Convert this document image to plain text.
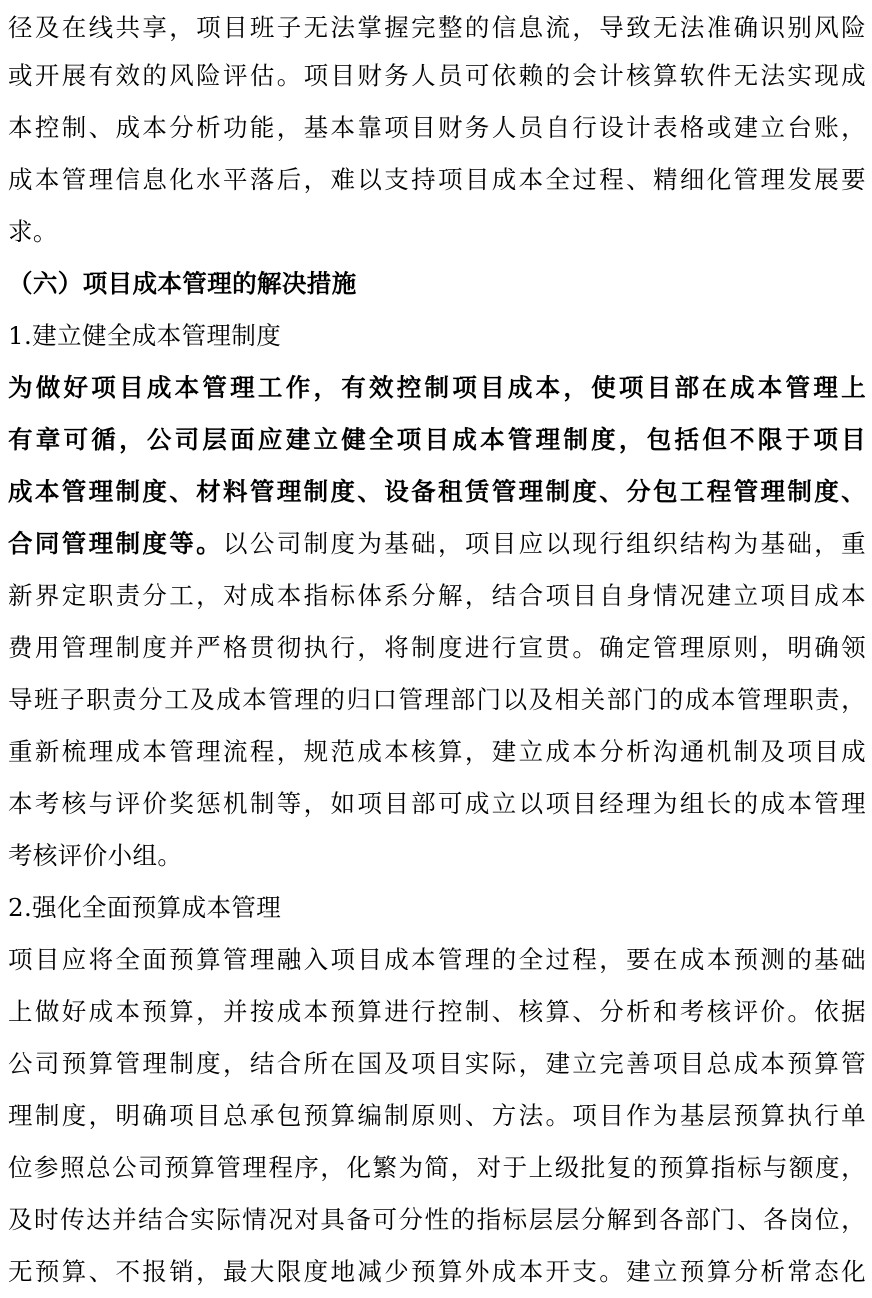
径及在线共享，项目班子无法掌握完整的信息流，导致无法准确识别风险
或开展有效的风险评估。项目财务人员可依赖的会计核算软件无法实现成
本控制、成本分析功能，基本靠项目财务人员自行设计表格或建立台账，
成本管理信息化水平落后，难以支持项目成本全过程、精细化管理发展要
求。
（六）项目成本管理的解决措施
1.建立健全成本管理制度
为做好项目成本管理工作，有效控制项目成本，使项目部在成本管理上
有章可循，公司层面应建立健全项目成本管理制度，包括但不限于项目
成本管理制度、材料管理制度、设备租赁管理制度、分包工程管理制度、
合同管理制度等。以公司制度为基础，项目应以现行组织结构为基础，重
新界定职责分工，对成本指标体系分解，结合项目自身情况建立项目成本
费用管理制度并严格贯彻执行，将制度进行宣贯。确定管理原则，明确领
导班子职责分工及成本管理的归口管理部门以及相关部门的成本管理职责，
重新梳理成本管理流程，规范成本核算，建立成本分析沟通机制及项目成
本考核与评价奖惩机制等，如项目部可成立以项目经理为组长的成本管理
考核评价小组。
2.强化全面预算成本管理
项目应将全面预算管理融入项目成本管理的全过程，要在成本预测的基础
上做好成本预算，并按成本预算进行控制、核算、分析和考核评价。依据
公司预算管理制度，结合所在国及项目实际，建立完善项目总成本预算管
理制度，明确项目总承包预算编制原则、方法。项目作为基层预算执行单
位参照总公司预算管理程序，化繁为简，对于上级批复的预算指标与额度，
及时传达并结合实际情况对具备可分性的指标层层分解到各部门、各岗位，
无预算、不报销，最大限度地减少预算外成本开支。建立预算分析常态化
